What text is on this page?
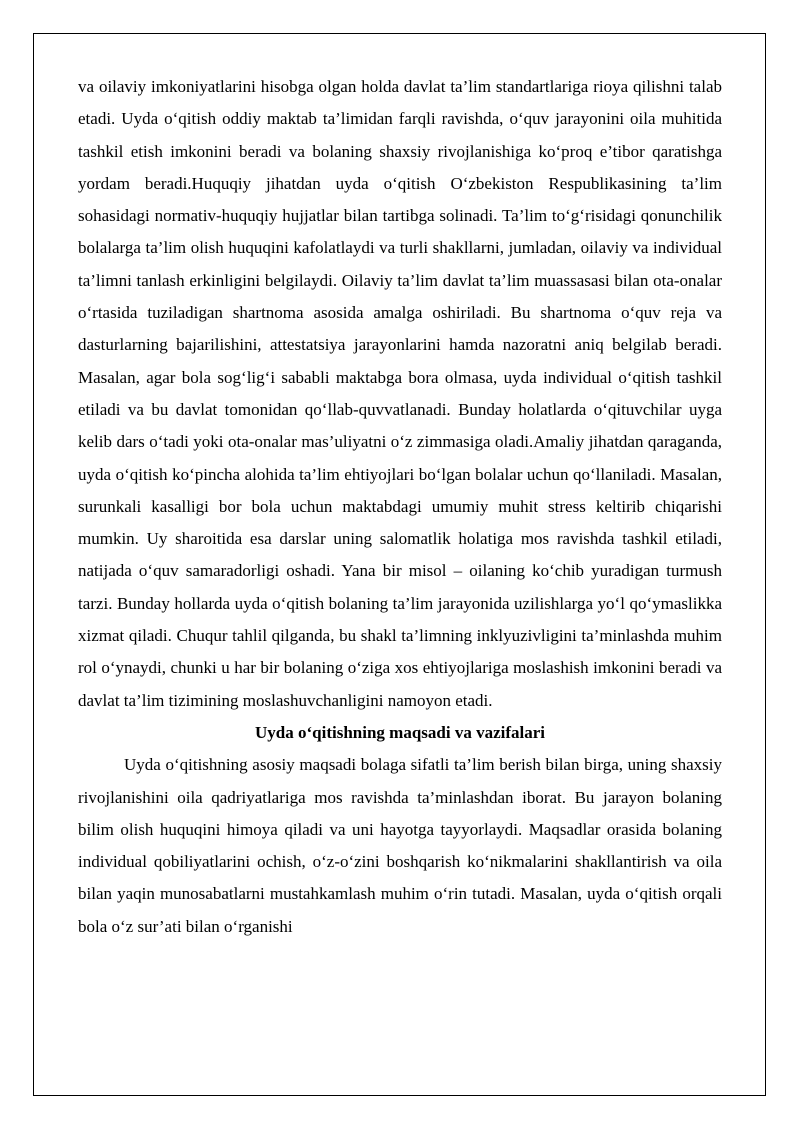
va oilaviy imkoniyatlarini hisobga olgan holda davlat ta’lim standartlariga rioya qilishni talab etadi. Uyda o‘qitish oddiy maktab ta’limidan farqli ravishda, o‘quv jarayonini oila muhitida tashkil etish imkonini beradi va bolaning shaxsiy rivojlanishiga ko‘proq e’tibor qaratishga yordam beradi.Huquqiy jihatdan uyda o‘qitish O‘zbekiston Respublikasining ta’lim sohasidagi normativ-huquqiy hujjatlar bilan tartibga solinadi. Ta’lim to‘g‘risidagi qonunchilik bolalarga ta’lim olish huquqini kafolatlaydi va turli shakllarni, jumladan, oilaviy va individual ta’limni tanlash erkinligini belgilaydi. Oilaviy ta’lim davlat ta’lim muassasasi bilan ota-onalar o‘rtasida tuziladigan shartnoma asosida amalga oshiriladi. Bu shartnoma o‘quv reja va dasturlarning bajarilishini, attestatsiya jarayonlarini hamda nazoratni aniq belgilab beradi. Masalan, agar bola sog‘lig‘i sababli maktabga bora olmasa, uyda individual o‘qitish tashkil etiladi va bu davlat tomonidan qo‘llab-quvvatlanadi. Bunday holatlarda o‘qituvchilar uyga kelib dars o‘tadi yoki ota-onalar mas’uliyatni o‘z zimmasiga oladi.Amaliy jihatdan qaraganda, uyda o‘qitish ko‘pincha alohida ta’lim ehtiyojlari bo‘lgan bolalar uchun qo‘llaniladi. Masalan, surunkali kasalligi bor bola uchun maktabdagi umumiy muhit stress keltirib chiqarishi mumkin. Uy sharoitida esa darslar uning salomatlik holatiga mos ravishda tashkil etiladi, natijada o‘quv samaradorligi oshadi. Yana bir misol – oilaning ko‘chib yuradigan turmush tarzi. Bunday hollarda uyda o‘qitish bolaning ta’lim jarayonida uzilishlarga yo‘l qo‘ymaslikka xizmat qiladi. Chuqur tahlil qilganda, bu shakl ta’limning inklyuzivligini ta’minlashda muhim rol o‘ynaydi, chunki u har bir bolaning o‘ziga xos ehtiyojlariga moslashish imkonini beradi va davlat ta’lim tizimining moslashuvchanligini namoyon etadi.

Uyda o‘qitishning maqsadi va vazifalari

Uyda o‘qitishning asosiy maqsadi bolaga sifatli ta’lim berish bilan birga, uning shaxsiy rivojlanishini oila qadriyatlariga mos ravishda ta’minlashdan iborat. Bu jarayon bolaning bilim olish huquqini himoya qiladi va uni hayotga tayyorlaydi. Maqsadlar orasida bolaning individual qobiliyatlarini ochish, o‘z-o‘zini boshqarish ko‘nikmalarini shakllantirish va oila bilan yaqin munosabatlarni mustahkamlash muhim o‘rin tutadi. Masalan, uyda o‘qitish orqali bola o‘z sur’ati bilan o‘rganishi
